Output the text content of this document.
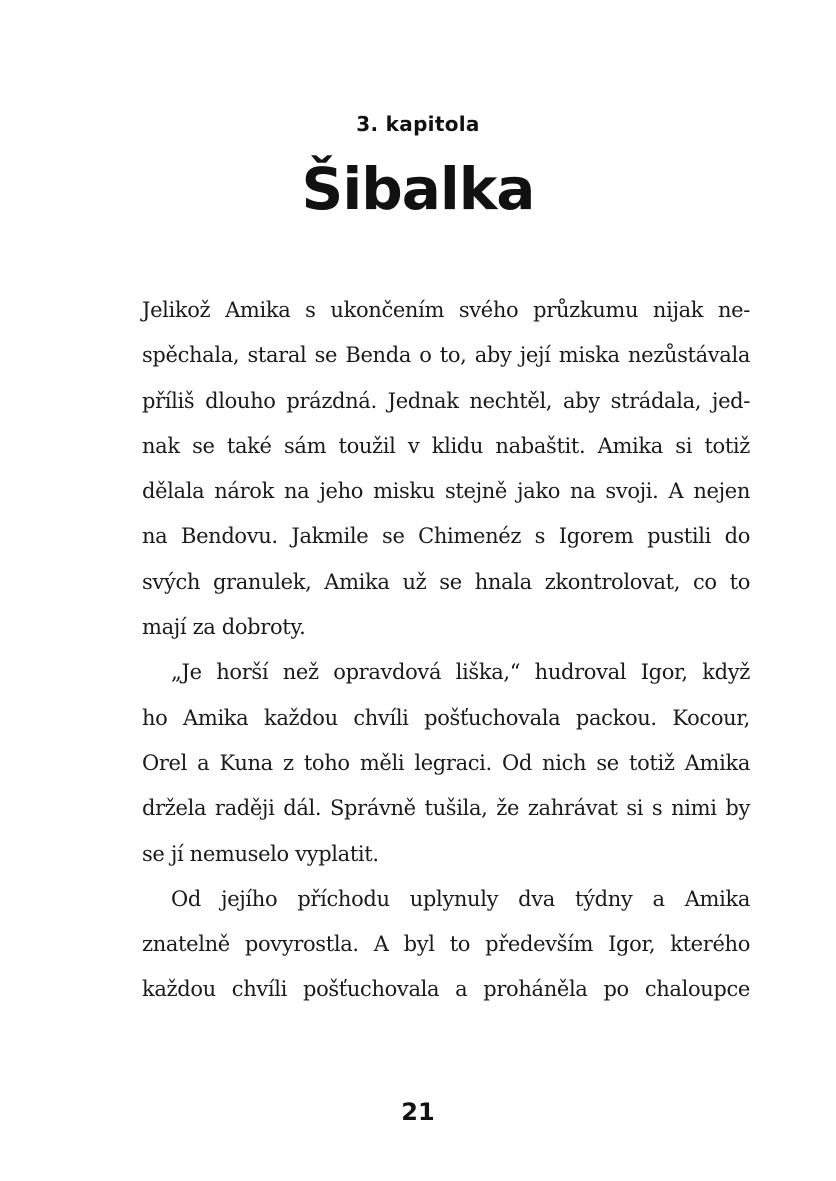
3. kapitola
Šibalka
Jelikož Amika s ukončením svého průzkumu nijak ne-
spěchala, staral se Benda o to, aby její miska nezůstávala
příliš dlouho prázdná. Jednak nechtěl, aby strádala, jed-
nak se také sám toužil v klidu nabaštit. Amika si totiž
dělala nárok na jeho misku stejně jako na svoji. A nejen
na Bendovu. Jakmile se Chimenéz s Igorem pustili do
svých granulek, Amika už se hnala zkontrolovat, co to
mají za dobroty.
„Je horší než opravdová liška,“ hudroval Igor, když
ho Amika každou chvíli pošťuchovala packou. Kocour,
Orel a Kuna z toho měli legraci. Od nich se totiž Amika
držela raději dál. Správně tušila, že zahrávat si s nimi by
se jí nemuselo vyplatit.
Od jejího příchodu uplynuly dva týdny a Amika
znatelně povyrostla. A byl to především Igor, kterého
každou chvíli pošťuchovala a proháněla po chaloupce
21
